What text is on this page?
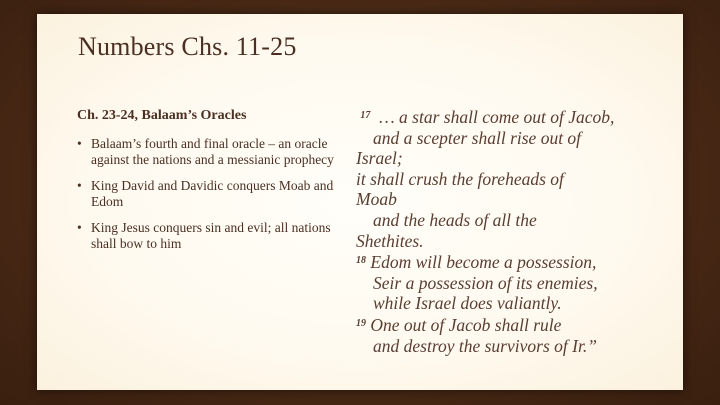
Numbers Chs. 11-25
Ch. 23-24, Balaam’s Oracles
• Balaam’s fourth and final oracle – an oracle against the nations and a messianic prophecy
• King David and Davidic conquers Moab and Edom
• King Jesus conquers sin and evil; all nations shall bow to him
$^{17}$ … a star shall come out of Jacob,
and a scepter shall rise out of
Israel;
it shall crush the foreheads of
Moab
and the heads of all the
Shethites.
$^{18}$ Edom will become a possession,
Seir a possession of its enemies,
while Israel does valiantly.
$^{19}$ One out of Jacob shall rule
and destroy the survivors of Ir.”
